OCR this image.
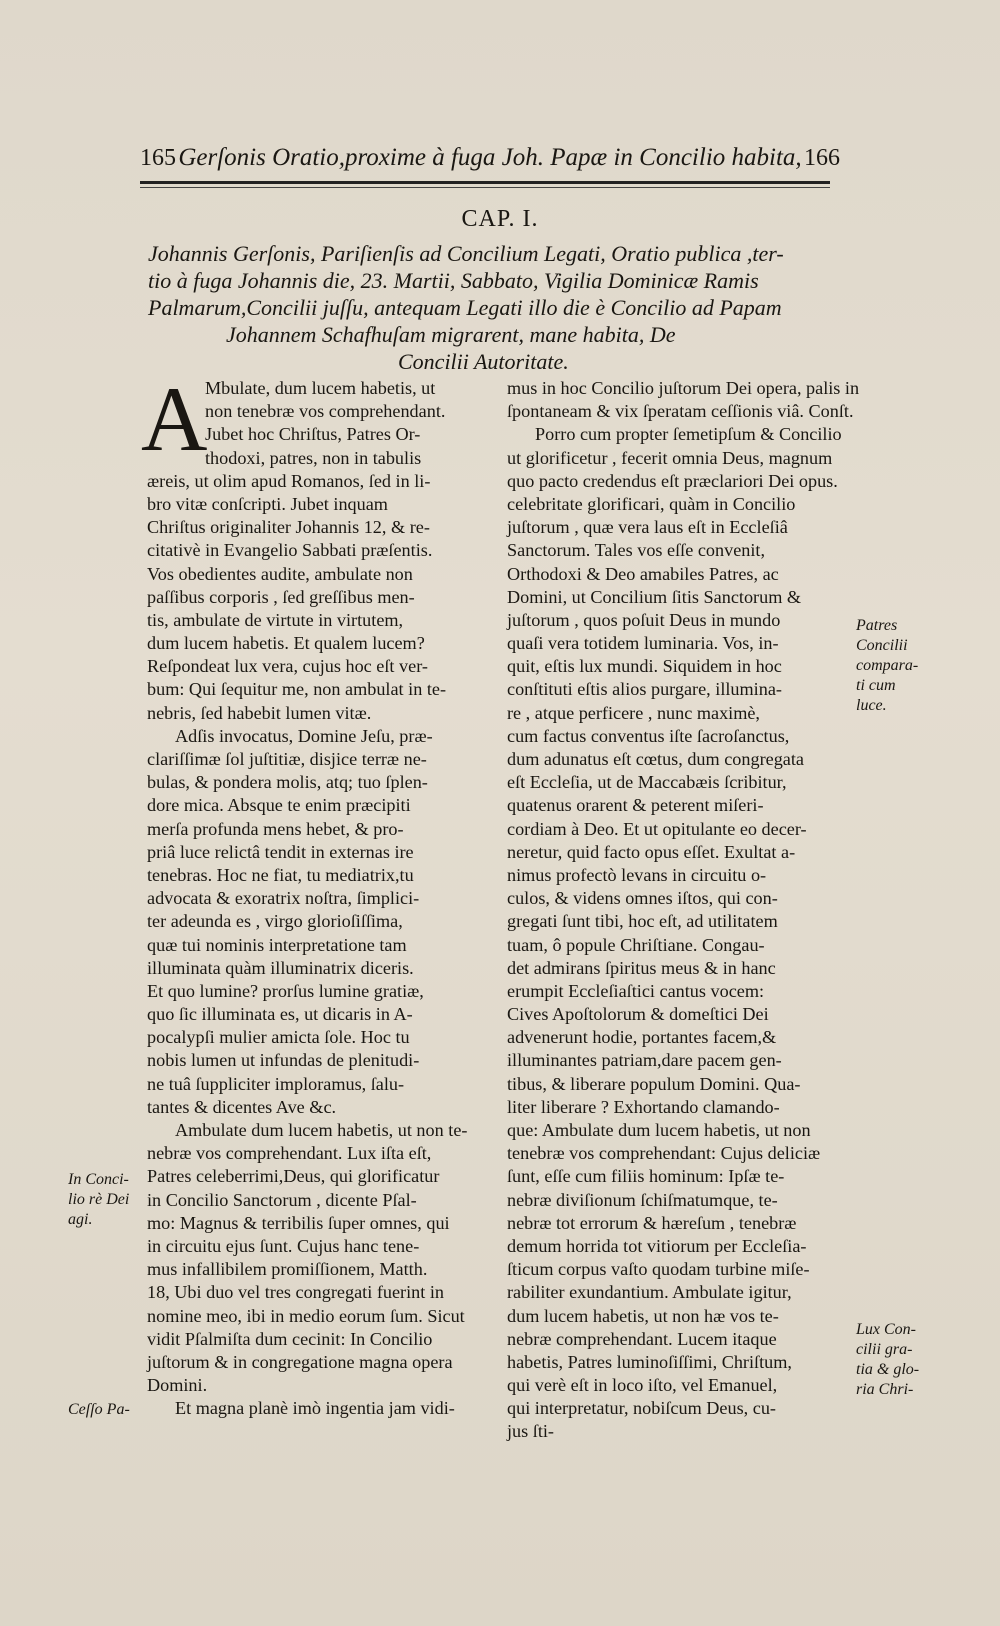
165 Gerſonis Oratio,proxime à fuga Joh. Papæ in Concilio habita, 166
CAP. I.
Johannis Gerſonis, Pariſienſis ad Concilium Legati, Oratio publica ,ter-
tio à fuga Johannis die, 23. Martii, Sabbato, Vigilia Dominicæ Ramis
Palmarum,Concilii juſſu, antequam Legati illo die è Concilio ad Papam
Johannem Schafhuſam migrarent, mane habita, De
Concilii Autoritate.
A
Mbulate, dum lucem habetis, ut
non tenebræ vos comprehendant.
Jubet hoc Chriſtus, Patres Or-
thodoxi, patres, non in tabulis
æreis, ut olim apud Romanos, ſed in li-
bro vitæ conſcripti. Jubet inquam
Chriſtus originaliter Johannis 12, & re-
citativè in Evangelio Sabbati præſentis.
Vos obedientes audite, ambulate non
paſſibus corporis , ſed greſſibus men-
tis, ambulate de virtute in virtutem,
dum lucem habetis. Et qualem lucem?
Reſpondeat lux vera, cujus hoc eſt ver-
bum: Qui ſequitur me, non ambulat in te-
nebris, ſed habebit lumen vitæ.
Adſis invocatus, Domine Jeſu, præ-
clariſſimæ ſol juſtitiæ, disjice terræ ne-
bulas, & pondera molis, atq; tuo ſplen-
dore mica. Absque te enim præcipiti
merſa profunda mens hebet, & pro-
priâ luce relictâ tendit in externas ire
tenebras. Hoc ne fiat, tu mediatrix,tu
advocata & exoratrix noſtra, ſimplici-
ter adeunda es , virgo glorioſiſſima,
quæ tui nominis interpretatione tam
illuminata quàm illuminatrix diceris.
Et quo lumine? prorſus lumine gratiæ,
quo ſic illuminata es, ut dicaris in A-
pocalypſi mulier amicta ſole. Hoc tu
nobis lumen ut infundas de plenitudi-
ne tuâ ſuppliciter imploramus, ſalu-
tantes & dicentes Ave &c.
Ambulate dum lucem habetis, ut non te-
nebræ vos comprehendant. Lux iſta eſt,
Patres celeberrimi,Deus, qui glorificatur
in Concilio Sanctorum , dicente Pſal-
mo: Magnus & terribilis ſuper omnes, qui
in circuitu ejus ſunt. Cujus hanc tene-
mus infallibilem promiſſionem, Matth.
18, Ubi duo vel tres congregati fuerint in
nomine meo, ibi in medio eorum ſum. Sicut
vidit Pſalmiſta dum cecinit: In Concilio
juſtorum & in congregatione magna opera
Domini.
Et magna planè imò ingentia jam vidi-
mus in hoc Concilio juſtorum Dei opera, palis in
ſpontaneam & vix ſperatam ceſſionis viâ. Conſt.
Porro cum propter ſemetipſum & Concilio
ut glorificetur , fecerit omnia Deus, magnum
quo pacto credendus eſt præclariori Dei opus.
celebritate glorificari, quàm in Concilio
juſtorum , quæ vera laus eſt in Eccleſiâ
Sanctorum. Tales vos eſſe convenit,
Orthodoxi & Deo amabiles Patres, ac
Domini, ut Concilium ſitis Sanctorum &
juſtorum , quos poſuit Deus in mundo
quaſi vera totidem luminaria. Vos, in-
quit, eſtis lux mundi. Siquidem in hoc
conſtituti eſtis alios purgare, illumina-
re , atque perficere , nunc maximè,
cum factus conventus iſte ſacroſanctus,
dum adunatus eſt cœtus, dum congregata
eſt Eccleſia, ut de Maccabæis ſcribitur,
quatenus orarent & peterent miſeri-
cordiam à Deo. Et ut opitulante eo decer-
neretur, quid facto opus eſſet. Exultat a-
nimus profectò levans in circuitu o-
culos, & videns omnes iſtos, qui con-
gregati ſunt tibi, hoc eſt, ad utilitatem
tuam, ô popule Chriſtiane. Congau-
det admirans ſpiritus meus & in hanc
erumpit Eccleſiaſtici cantus vocem:
Cives Apoſtolorum & domeſtici Dei
advenerunt hodie, portantes facem,&
illuminantes patriam,dare pacem gen-
tibus, & liberare populum Domini. Qua-
liter liberare ? Exhortando clamando-
que: Ambulate dum lucem habetis, ut non
tenebræ vos comprehendant: Cujus deliciæ
ſunt, eſſe cum filiis hominum: Ipſæ te-
nebræ diviſionum ſchiſmatumque, te-
nebræ tot errorum & hæreſum , tenebræ
demum horrida tot vitiorum per Eccleſia-
ſticum corpus vaſto quodam turbine miſe-
rabiliter exundantium. Ambulate igitur,
dum lucem habetis, ut non hæ vos te-
nebræ comprehendant. Lucem itaque
habetis, Patres luminoſiſſimi, Chriſtum,
qui verè eſt in loco iſto, vel Emanuel,
qui interpretatur, nobiſcum Deus, cu-
jus ſti-
In Conci-
lio rè Dei
agi.
Ceſſo Pa-
Patres
Concilii
compara-
ti cum
luce.
Lux Con-
cilii gra-
tia & glo-
ria Chri-
